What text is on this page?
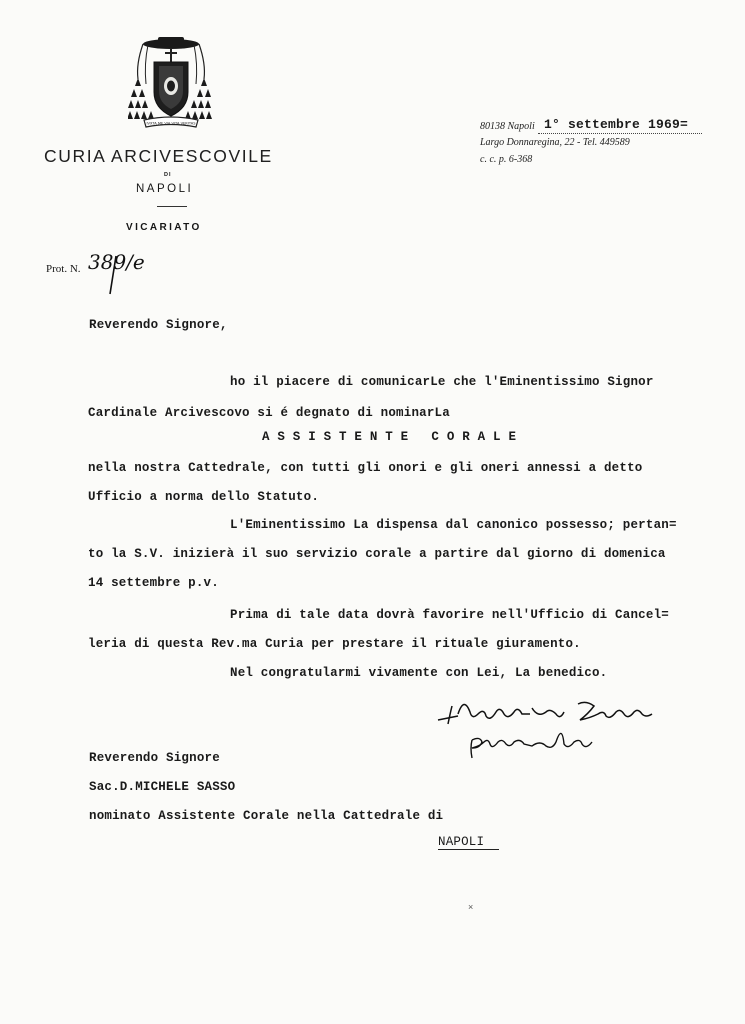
IVXTA ME VIA VITA VERITAS
CURIA ARCIVESCOVILE
DI
NAPOLI
VICARIATO
Prot. N. 389/e
80138 Napoli 1° settembre 1969=
Largo Donnaregina, 22 - Tel. 449589
c. c. p. 6-368
Reverendo Signore,
ho il piacere di comunicarLe che l'Eminentissimo Signor
Cardinale Arcivescovo si é degnato di nominarLa
A S S I S T E N T E   C O R A L E
nella nostra Cattedrale, con tutti gli onori e gli oneri annessi a detto
Ufficio a norma dello Statuto.
L'Eminentissimo La dispensa dal canonico possesso; pertan=
to la S.V. inizierà il suo servizio corale a partire dal giorno di domenica
14 settembre p.v.
Prima di tale data dovrà favorire nell'Ufficio di Cancel=
leria di questa Rev.ma Curia per prestare il rituale giuramento.
Nel congratularmi vivamente con Lei, La benedico.
Reverendo Signore
Sac.D.MICHELE SASSO
nominato Assistente Corale nella Cattedrale di
NAPOLI
×
